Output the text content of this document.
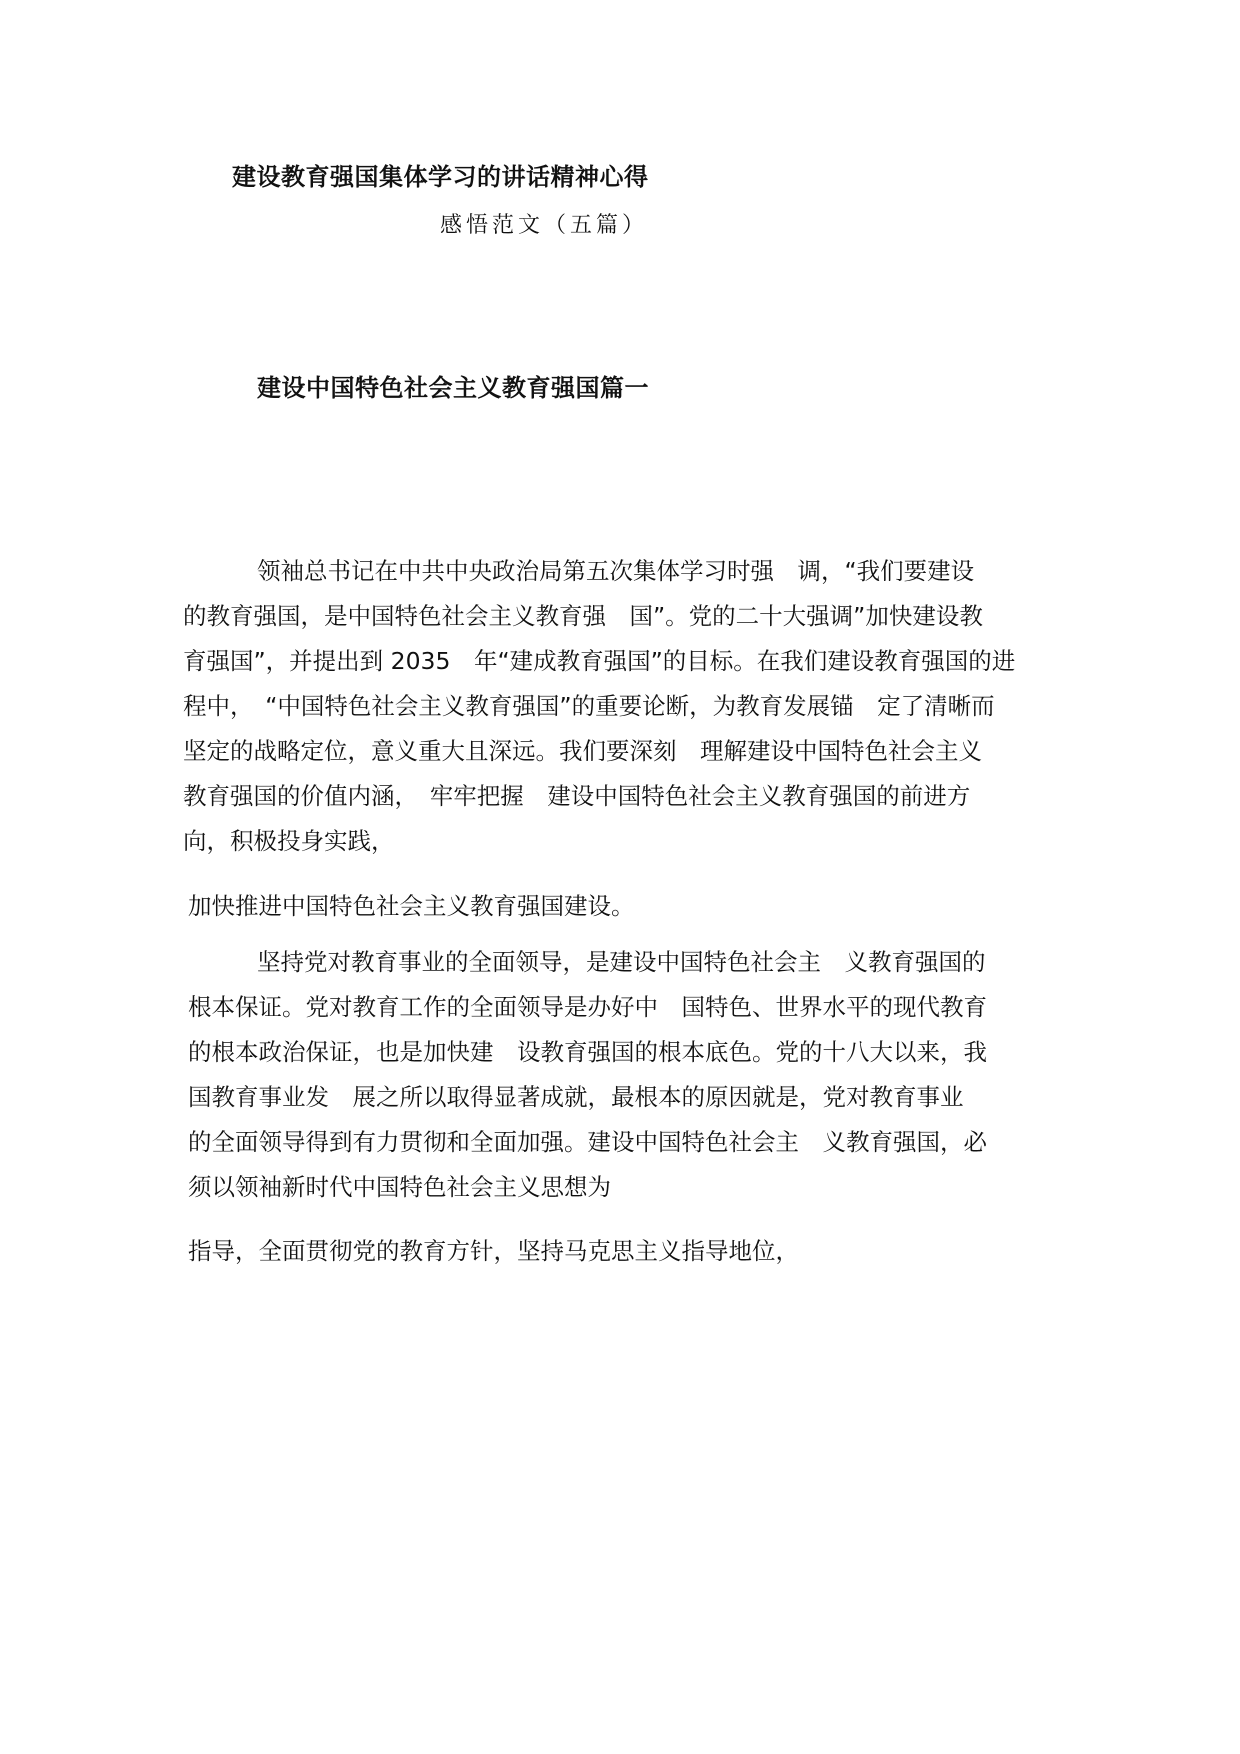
建设教育强国集体学习的讲话精神心得
感悟范文（五篇）
建设中国特色社会主义教育强国篇一
领袖总书记在中共中央政治局第五次集体学习时强　调，“我们要建设
的教育强国，是中国特色社会主义教育强　国”。党的二十大强调”加快建设教
育强国”，并提出到 2035　年“建成教育强国”的目标。在我们建设教育强国的进
程中，　“中国特色社会主义教育强国”的重要论断，为教育发展锚　定了清晰而
坚定的战略定位，意义重大且深远。我们要深刻　理解建设中国特色社会主义
教育强国的价值内涵，　牢牢把握　建设中国特色社会主义教育强国的前进方
向，积极投身实践，
加快推进中国特色社会主义教育强国建设。
坚持党对教育事业的全面领导，是建设中国特色社会主　义教育强国的
根本保证。党对教育工作的全面领导是办好中　国特色、世界水平的现代教育
的根本政治保证，也是加快建　设教育强国的根本底色。党的十八大以来，我
国教育事业发　展之所以取得显著成就，最根本的原因就是，党对教育事业
的全面领导得到有力贯彻和全面加强。建设中国特色社会主　义教育强国，必
须以领袖新时代中国特色社会主义思想为
指导，全面贯彻党的教育方针，坚持马克思主义指导地位，
